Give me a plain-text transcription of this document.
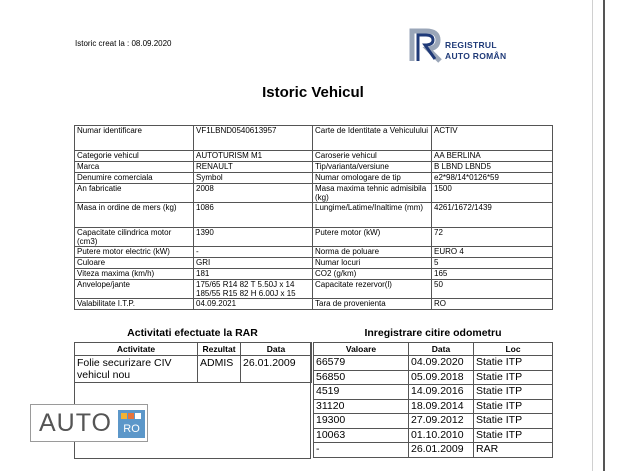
Istoric creat la : 08.09.2020	REGISTRUL
AUTO ROMÂN
Istoric Vehicul
Numar identificare	VF1LBND0540613957	Carte de Identitate a Vehiculului	ACTIV
Categorie vehicul	AUTOTURISM M1	Caroserie vehicul	AA BERLINA
Marca	RENAULT	Tip/varianta/versiune	B LBND LBND5
Denumire comerciala	Symbol	Numar omologare de tip	e2*98/14*0126*59
An fabricatie	2008	Masa maxima tehnic admisibila (kg)	1500
Masa in ordine de mers (kg)	1086	Lungime/Latime/Inaltime (mm)	4261/1672/1439
Capacitate cilindrica motor (cm3)	1390	Putere motor (kW)	72
Putere motor electric (kW)	-	Norma de poluare	EURO 4
Culoare	GRI	Numar locuri	5
Viteza maxima (km/h)	181	CO2 (g/km)	165
Anvelope/jante	175/65 R14 82 T 5.50J x 14 185/55 R15 82 H 6.00J x 15	Capacitate rezervor(l)	50
Valabilitate I.T.P.	04.09.2021	Tara de provenienta	RO
Activitati efectuate la RAR	Inregistrare citire odometru
Activitate	Rezultat	Data
Folie securizare CIV vehicul nou	ADMIS	26.01.2009
Valoare	Data	Loc
66579	04.09.2020	Statie ITP
56850	05.09.2018	Statie ITP
4519	14.09.2016	Statie ITP
31120	18.09.2014	Statie ITP
19300	27.09.2012	Statie ITP
10063	01.10.2010	Statie ITP
-	26.01.2009	RAR
AUTO	RO
